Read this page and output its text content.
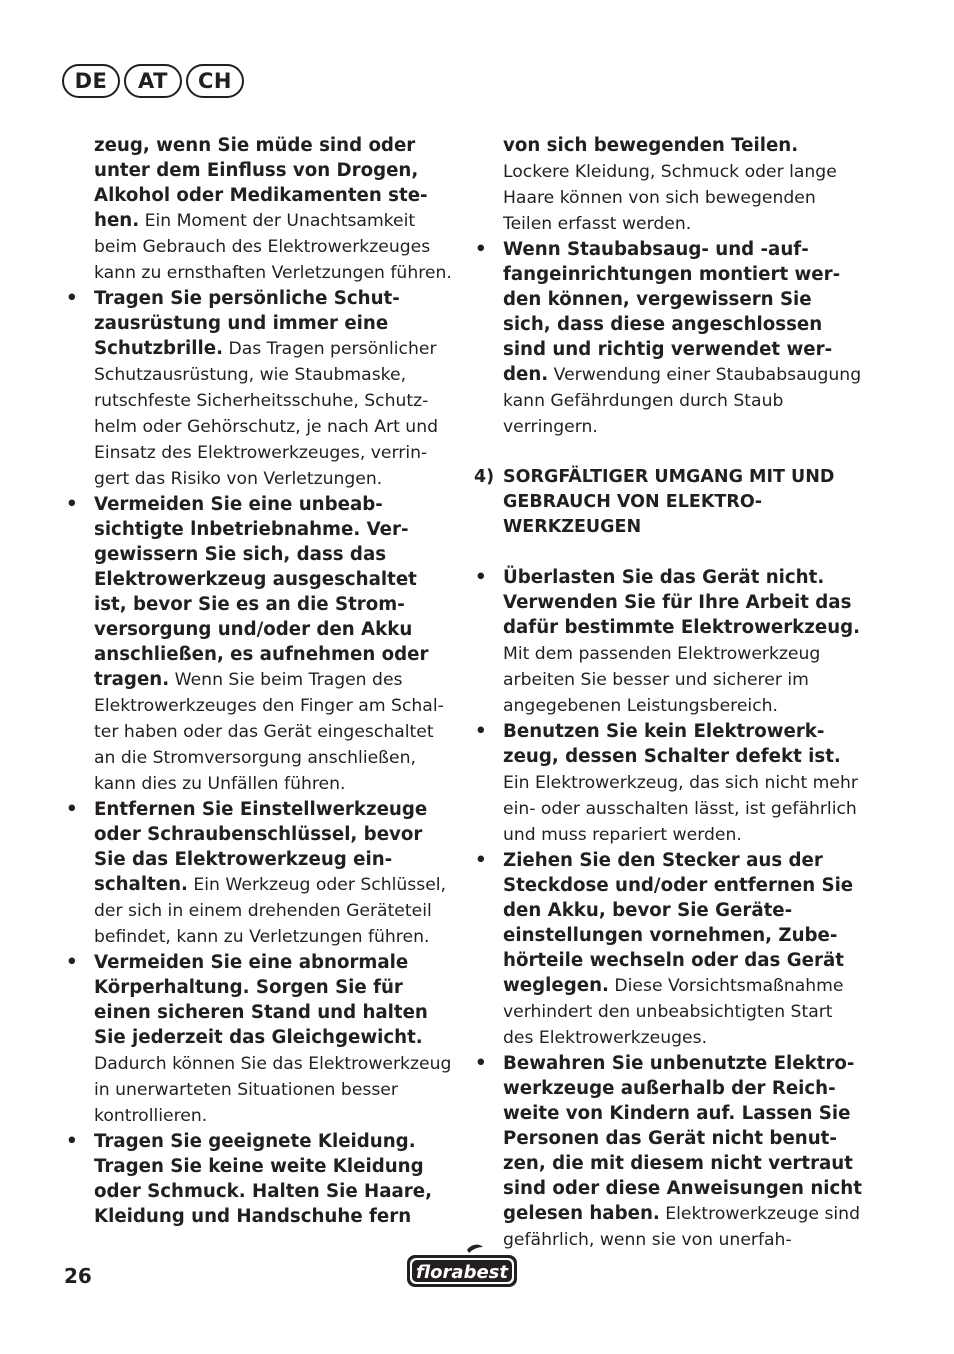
DE	AT	CH

zeug, wenn Sie müde sind oder unter dem Einfluss von Drogen, Alkohol oder Medikamenten stehen. Ein Moment der Unachtsamkeit beim Gebrauch des Elektrowerkzeuges kann zu ernsthaften Verletzungen führen.

• Tragen Sie persönliche Schutzausrüstung und immer eine Schutzbrille. Das Tragen persönlicher Schutzausrüstung, wie Staubmaske, rutschfeste Sicherheitsschuhe, Schutzhelm oder Gehörschutz, je nach Art und Einsatz des Elektrowerkzeuges, verringert das Risiko von Verletzungen.
• Vermeiden Sie eine unbeabsichtigte lnbetriebnahme. Vergewissern Sie sich, dass das Elektrowerkzeug ausgeschaltet ist, bevor Sie es an die Stromversorgung und/oder den Akku anschließen, es aufnehmen oder tragen. Wenn Sie beim Tragen des Elektrowerkzeuges den Finger am Schalter haben oder das Gerät eingeschaltet an die Stromversorgung anschließen, kann dies zu Unfällen führen.
• Entfernen Sie Einstellwerkzeuge oder Schraubenschlüssel, bevor Sie das Elektrowerkzeug einschalten. Ein Werkzeug oder Schlüssel, der sich in einem drehenden Geräteteil befindet, kann zu Verletzungen führen.
• Vermeiden Sie eine abnormale Körperhaltung. Sorgen Sie für einen sicheren Stand und halten Sie jederzeit das Gleichgewicht. Dadurch können Sie das Elektrowerkzeug in unerwarteten Situationen besser kontrollieren.
• Tragen Sie geeignete Kleidung. Tragen Sie keine weite Kleidung oder Schmuck. Halten Sie Haare, Kleidung und Handschuhe fern

von sich bewegenden Teilen. Lockere Kleidung, Schmuck oder lange Haare können von sich bewegenden Teilen erfasst werden.

• Wenn Staubabsaug- und -auffangeinrichtungen montiert werden können, vergewissern Sie sich, dass diese angeschlossen sind und richtig verwendet werden. Verwendung einer Staubabsaugung kann Gefährdungen durch Staub verringern.
4) SORGFÄLTIGER UMGANG MIT UND GEBRAUCH VON ELEKTROWERKZEUGEN
• Überlasten Sie das Gerät nicht. Verwenden Sie für Ihre Arbeit das dafür bestimmte Elektrowerkzeug. Mit dem passenden Elektrowerkzeug arbeiten Sie besser und sicherer im angegebenen Leistungsbereich.
• Benutzen Sie kein Elektrowerkzeug, dessen Schalter defekt ist. Ein Elektrowerkzeug, das sich nicht mehr ein- oder ausschalten lässt, ist gefährlich und muss repariert werden.
• Ziehen Sie den Stecker aus der Steckdose und/oder entfernen Sie den Akku, bevor Sie Geräteeinstellungen vornehmen, Zubehörteile wechseln oder das Gerät weglegen. Diese Vorsichtsmaßnahme verhindert den unbeabsichtigten Start des Elektrowerkzeuges.
• Bewahren Sie unbenutzte Elektrowerkzeuge außerhalb der Reichweite von Kindern auf. Lassen Sie Personen das Gerät nicht benutzen, die mit diesem nicht vertraut sind oder diese Anweisungen nicht gelesen haben. Elektrowerkzeuge sind gefährlich, wenn sie von unerfah-
26	florabest
